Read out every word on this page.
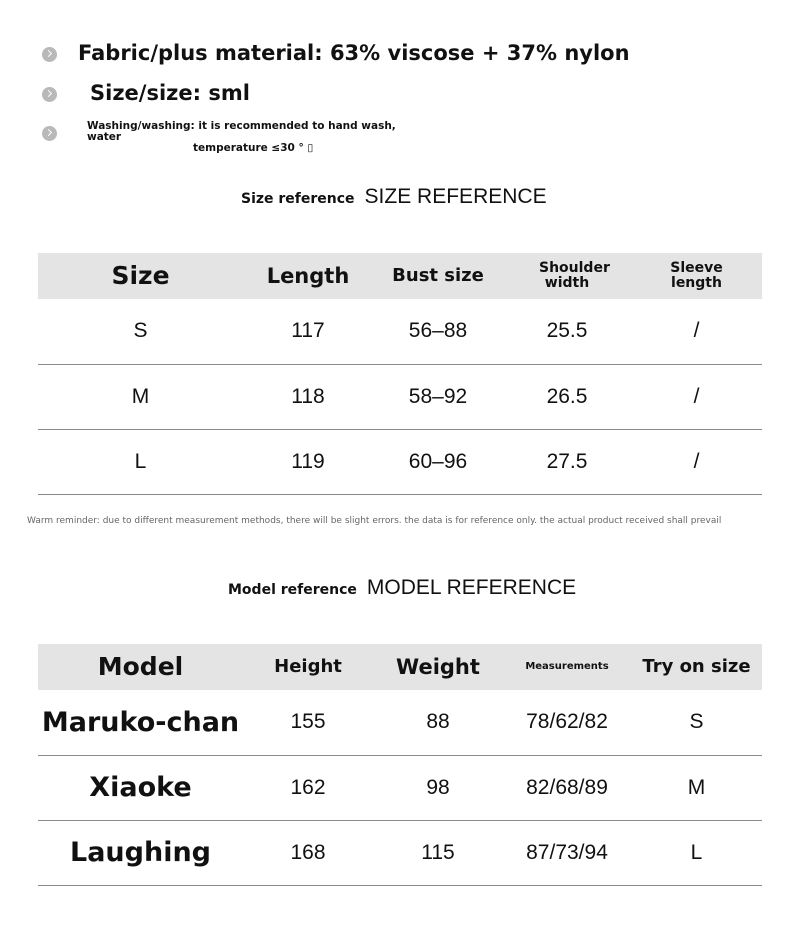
Fabric/plus material: 63% viscose + 37% nylon
Size/size: sml
Washing/washing: it is recommended to hand wash, water
temperature ≤30 ° ▯
Size reference SIZE REFERENCE
Size	Length	Bust size	Shoulder width	Sleeve length
S	117	56–88	25.5	/
M	118	58–92	26.5	/
L	119	60–96	27.5	/
Warm reminder: due to different measurement methods, there will be slight errors. the data is for reference only. the actual product received shall prevail
Model reference MODEL REFERENCE
Model	Height	Weight	Measurements	Try on size
Maruko-chan	155	88	78/62/82	S
Xiaoke	162	98	82/68/89	M
Laughing	168	115	87/73/94	L
